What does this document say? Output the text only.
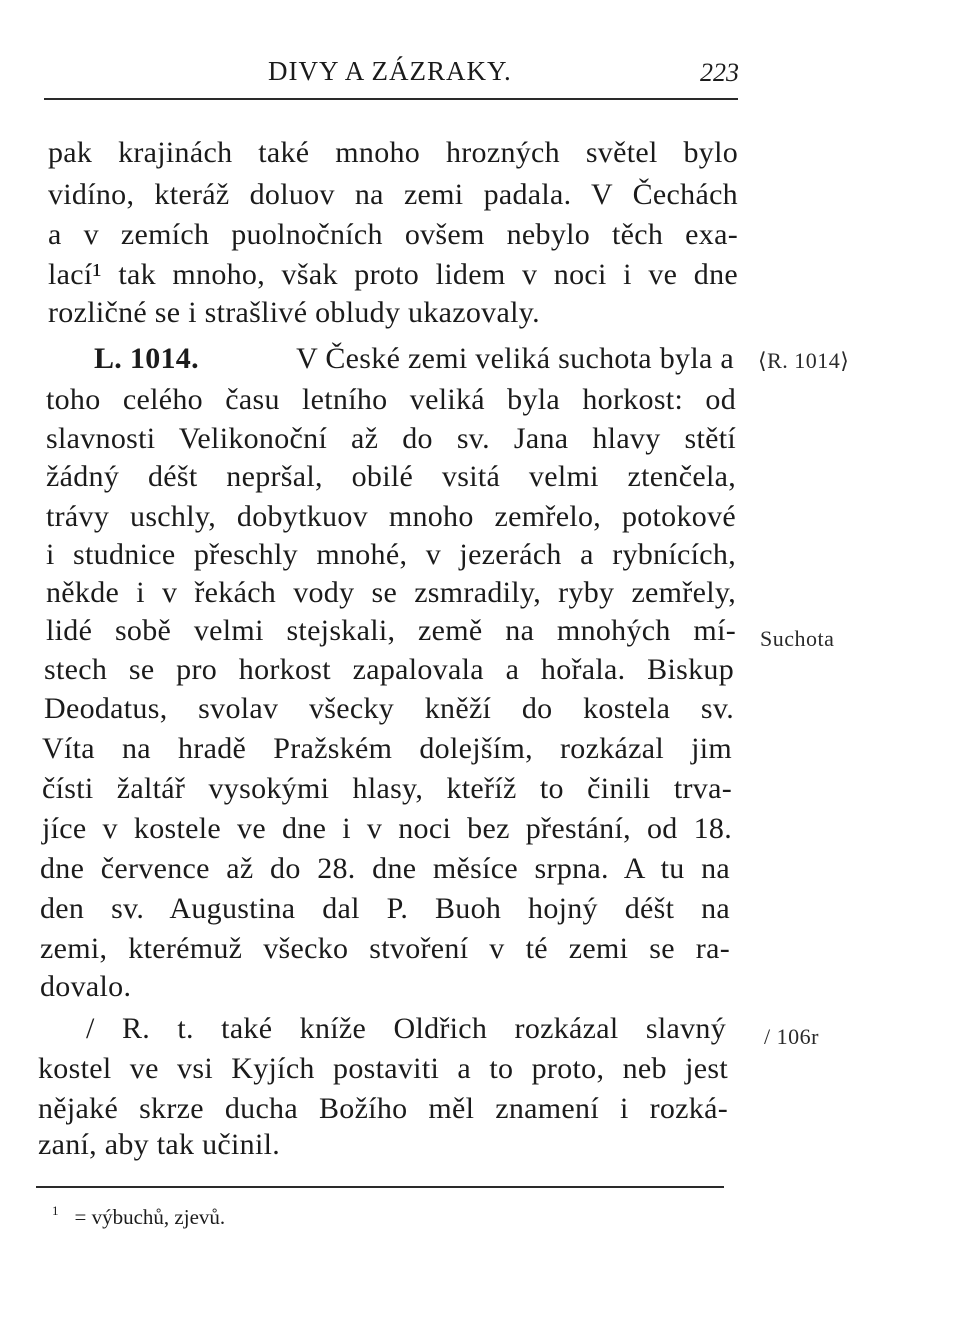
DIVY A ZÁZRAKY.	223
pak krajinách také mnoho hrozných světel bylo
vidíno, kteráž doluov na zemi padala. V Čechách
a v zemích puolnočních ovšem nebylo těch exa-
lací¹ tak mnoho, však proto lidem v noci i ve dne
rozličné se i strašlivé obludy ukazovaly.
L. 1014.	V České zemi veliká suchota byla a
toho celého času letního veliká byla horkost: od
slavnosti Velikonoční až do sv. Jana hlavy stětí
žádný déšt nepršal, obilé vsitá velmi ztenčela,
trávy uschly, dobytkuov mnoho zemřelo, potokové
i studnice přeschly mnohé, v jezerách a rybnících,
někde i v řekách vody se zsmradily, ryby zemřely,
lidé sobě velmi stejskali, země na mnohých mí-
stech se pro horkost zapalovala a hořala. Biskup
Deodatus, svolav všecky kněží do kostela sv.
Víta na hradě Pražském dolejším, rozkázal jim
čísti žaltář vysokými hlasy, kteříž to činili trva-
jíce v kostele ve dne i v noci bez přestání, od 18.
dne července až do 28. dne měsíce srpna. A tu na
den sv. Augustina dal P. Buoh hojný déšt na
zemi, kterémuž všecko stvoření v té zemi se ra-
dovalo.
/ R. t. také kníže Oldřich rozkázal slavný
kostel ve vsi Kyjích postaviti a to proto, neb jest
nějaké skrze ducha Božího měl znamení i rozká-
zaní, aby tak učinil.
⟨R. 1014⟩
Suchota
/ 106r
$^1$ = výbuchů, zjevů.
